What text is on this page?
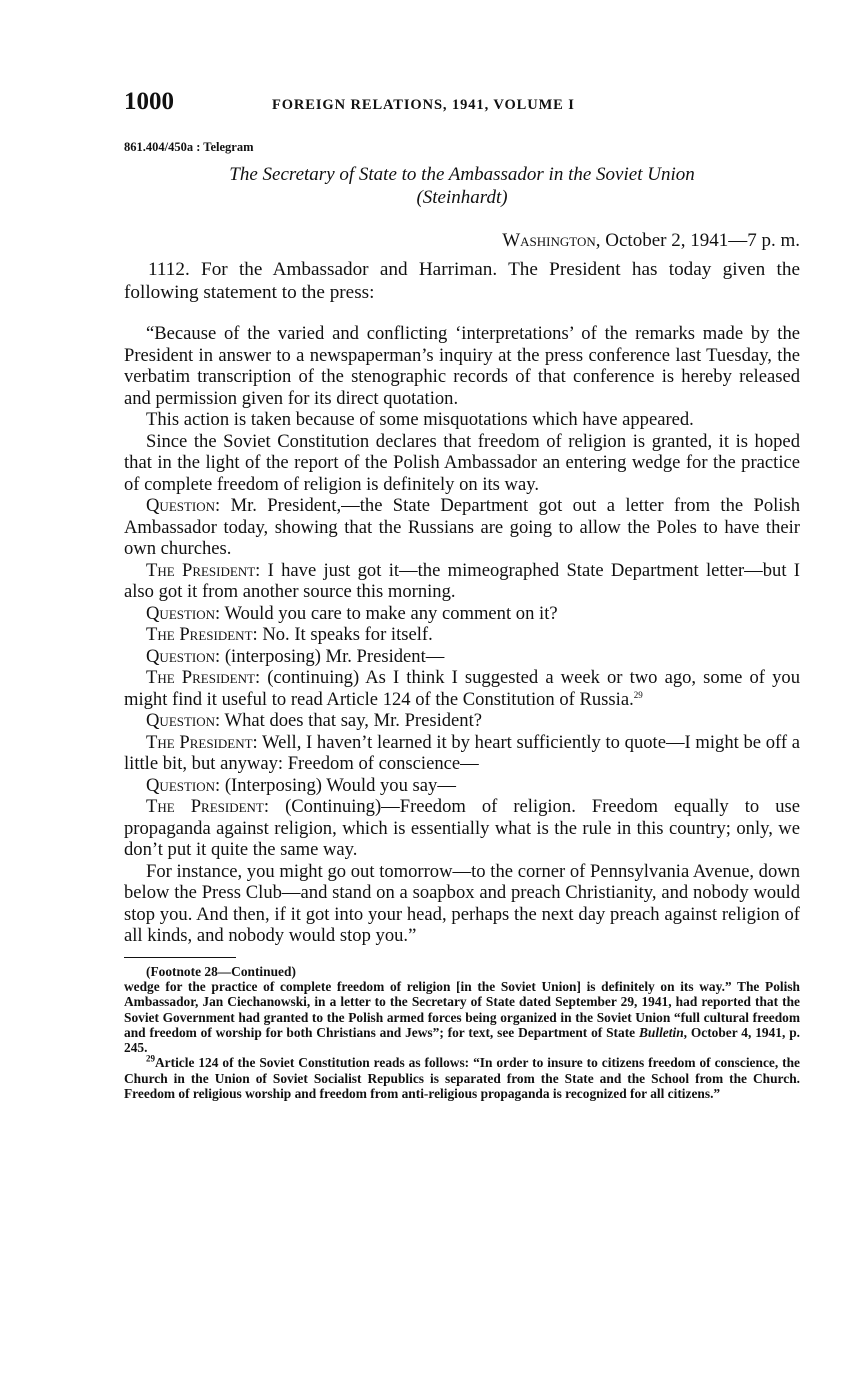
1000	FOREIGN RELATIONS, 1941, VOLUME I
861.404/450a : Telegram
The Secretary of State to the Ambassador in the Soviet Union
(Steinhardt)
Washington, October 2, 1941—7 p. m.

1112. For the Ambassador and Harriman. The President has today given the following statement to the press:

“Because of the varied and conflicting ‘interpretations’ of the remarks made by the President in answer to a newspaperman’s inquiry at the press conference last Tuesday, the verbatim transcription of the stenographic records of that conference is hereby released and permission given for its direct quotation.

This action is taken because of some misquotations which have appeared.

Since the Soviet Constitution declares that freedom of religion is granted, it is hoped that in the light of the report of the Polish Ambassador an entering wedge for the practice of complete freedom of religion is definitely on its way.

Question: Mr. President,—the State Department got out a letter from the Polish Ambassador today, showing that the Russians are going to allow the Poles to have their own churches.

The President: I have just got it—the mimeographed State Department letter—but I also got it from another source this morning.

Question: Would you care to make any comment on it?

The President: No. It speaks for itself.

Question: (interposing) Mr. President—

The President: (continuing) As I think I suggested a week or two ago, some of you might find it useful to read Article 124 of the Constitution of Russia.$^{29}$

Question: What does that say, Mr. President?

The President: Well, I haven’t learned it by heart sufficiently to quote—I might be off a little bit, but anyway: Freedom of conscience—

Question: (Interposing) Would you say—

The President: (Continuing)—Freedom of religion. Freedom equally to use propaganda against religion, which is essentially what is the rule in this country; only, we don’t put it quite the same way.

For instance, you might go out tomorrow—to the corner of Pennsylvania Avenue, down below the Press Club—and stand on a soapbox and preach Christianity, and nobody would stop you. And then, if it got into your head, perhaps the next day preach against religion of all kinds, and nobody would stop you.”

(Footnote 28—Continued)

wedge for the practice of complete freedom of religion [in the Soviet Union] is definitely on its way.” The Polish Ambassador, Jan Ciechanowski, in a letter to the Secretary of State dated September 29, 1941, had reported that the Soviet Government had granted to the Polish armed forces being organized in the Soviet Union “full cultural freedom and freedom of worship for both Christians and Jews”; for text, see Department of State Bulletin, October 4, 1941, p. 245.

$^{29}$Article 124 of the Soviet Constitution reads as follows: “In order to insure to citizens freedom of conscience, the Church in the Union of Soviet Socialist Republics is separated from the State and the School from the Church. Freedom of religious worship and freedom from anti-religious propaganda is recognized for all citizens.”
